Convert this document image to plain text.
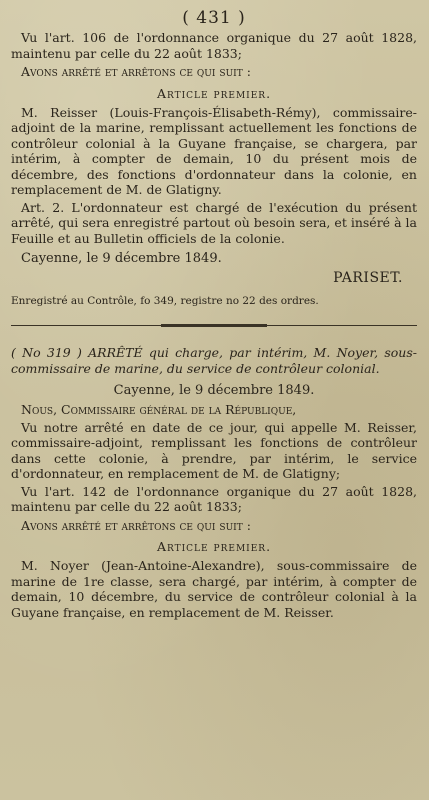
( 431 )

Vu l'art. 106 de l'ordonnance organique du 27 août 1828, maintenu par celle du 22 août 1833;

Avons arrêté et arrêtons ce qui suit :

Article premier.

M. Reisser (Louis-François-Élisabeth-Rémy), commissaire-adjoint de la marine, remplissant actuellement les fonctions de contrôleur colonial à la Guyane française, se chargera, par intérim, à compter de demain, 10 du présent mois de décembre, des fonctions d'ordonnateur dans la colonie, en remplacement de M. de Glatigny.

Art. 2. L'ordonnateur est chargé de l'exécution du présent arrêté, qui sera enregistré partout où besoin sera, et inséré à la Feuille et au Bulletin officiels de la colonie.

Cayenne, le 9 décembre 1849.

PARISET.

Enregistré au Contrôle, fo 349, registre no 22 des ordres.

( No 319 ) ARRÊTÉ qui charge, par intérim, M. Noyer, sous-commissaire de marine, du service de contrôleur colonial.

Cayenne, le 9 décembre 1849.

Nous, Commissaire général de la République,

Vu notre arrêté en date de ce jour, qui appelle M. Reisser, commissaire-adjoint, remplissant les fonctions de contrôleur dans cette colonie, à prendre, par intérim, le service d'ordonnateur, en remplacement de M. de Glatigny;

Vu l'art. 142 de l'ordonnance organique du 27 août 1828, maintenu par celle du 22 août 1833;

Avons arrêté et arrêtons ce qui suit :

Article premier.

M. Noyer (Jean-Antoine-Alexandre), sous-commissaire de marine de 1re classe, sera chargé, par intérim, à compter de demain, 10 décembre, du service de contrôleur colonial à la Guyane française, en remplacement de M. Reisser.
